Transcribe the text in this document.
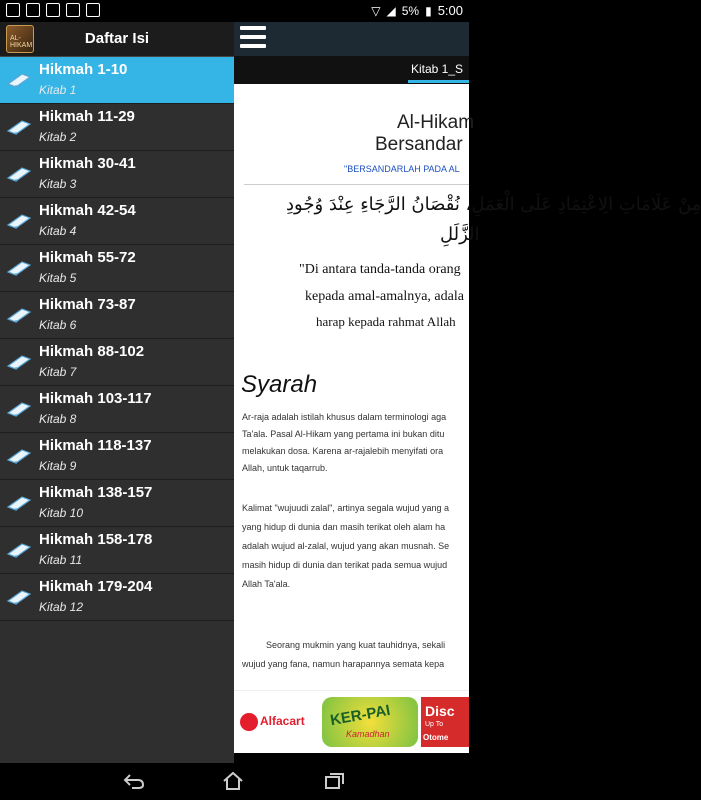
▽ ◢ 5% ▮ 5:00
AL-HIKAM	Daftar Isi
Hikmah 1-10
Kitab 1
Hikmah 11-29
Kitab 2
Hikmah 30-41
Kitab 3
Hikmah 42-54
Kitab 4
Hikmah 55-72
Kitab 5
Hikmah 73-87
Kitab 6
Hikmah 88-102
Kitab 7
Hikmah 103-117
Kitab 8
Hikmah 118-137
Kitab 9
Hikmah 138-157
Kitab 10
Hikmah 158-178
Kitab 11
Hikmah 179-204
Kitab 12
Kitab 1_S
Al-Hikam
Bersandar
"BERSANDARLAH PADA AL
مِنْ عَلَامَاتِ الِاعْتِمَادِ عَلَى الْعَمَلِ، نُقْصَانُ الرَّجَاءِ عِنْدَ وُجُودِ
الزَّلَلِ
"Di antara tanda-tanda orang
kepada amal-amalnya, adala
harap kepada rahmat Allah
Syarah
Ar-raja adalah istilah khusus dalam terminologi aga
Ta'ala. Pasal Al-Hikam yang pertama ini bukan ditu
melakukan dosa. Karena ar-rajalebih menyifati ora
Allah, untuk taqarrub.
Kalimat "wujuudi zalal", artinya segala wujud yang a
yang hidup di dunia dan masih terikat oleh alam ha
adalah wujud al-zalal, wujud yang akan musnah. Se
masih hidup di dunia dan terikat pada semua wujud
Allah Ta'ala.
Seorang mukmin yang kuat tauhidnya, sekali
wujud yang fana, namun harapannya semata kepa
Alfacart KER-PAI
Kamadhan
Disc
Up To
Otome
